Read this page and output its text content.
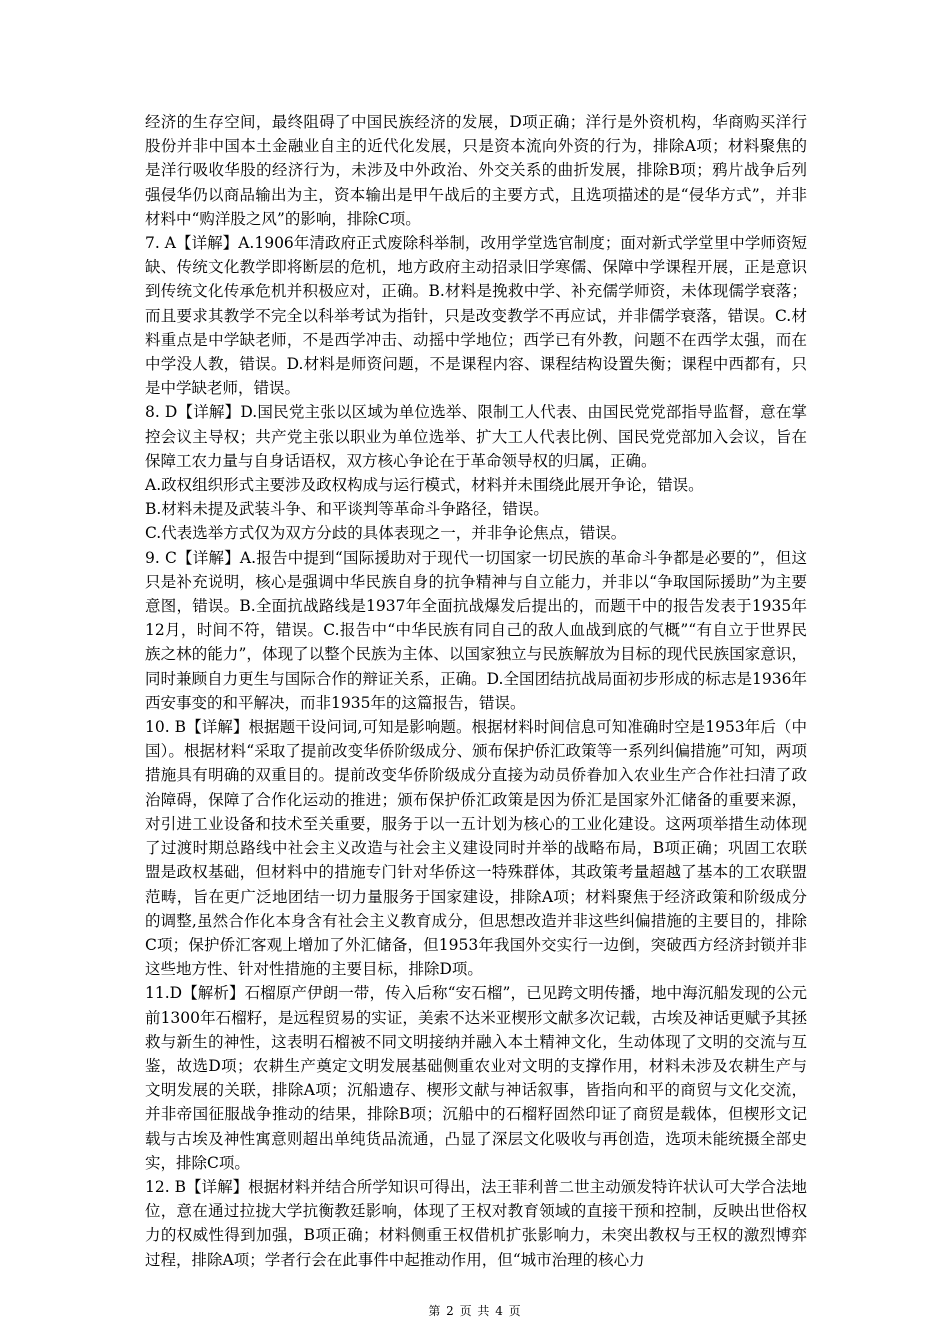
经济的生存空间，最终阻碍了中国民族经济的发展，D项正确；洋行是外资机构，华商购买洋行股份并非中国本土金融业自主的近代化发展，只是资本流向外资的行为，排除A项；材料聚焦的是洋行吸收华股的经济行为，未涉及中外政治、外交关系的曲折发展，排除B项；鸦片战争后列强侵华仍以商品输出为主，资本输出是甲午战后的主要方式，且选项描述的是“侵华方式”，并非材料中“购洋股之风”的影响，排除C项。

7. A【详解】A.1906年清政府正式废除科举制，改用学堂选官制度；面对新式学堂里中学师资短缺、传统文化教学即将断层的危机，地方政府主动招录旧学寒儒、保障中学课程开展，正是意识到传统文化传承危机并积极应对，正确。B.材料是挽救中学、补充儒学师资，未体现儒学衰落；而且要求其教学不完全以科举考试为指针，只是改变教学不再应试，并非儒学衰落，错误。C.材料重点是中学缺老师，不是西学冲击、动摇中学地位；西学已有外教，问题不在西学太强，而在中学没人教，错误。D.材料是师资问题，不是课程内容、课程结构设置失衡；课程中西都有，只是中学缺老师，错误。

8. D【详解】D.国民党主张以区域为单位选举、限制工人代表、由国民党党部指导监督，意在掌控会议主导权；共产党主张以职业为单位选举、扩大工人代表比例、国民党党部加入会议，旨在保障工农力量与自身话语权，双方核心争论在于革命领导权的归属，正确。

A.政权组织形式主要涉及政权构成与运行模式，材料并未围绕此展开争论，错误。

B.材料未提及武装斗争、和平谈判等革命斗争路径，错误。

C.代表选举方式仅为双方分歧的具体表现之一，并非争论焦点，错误。

9. C【详解】A.报告中提到“国际援助对于现代一切国家一切民族的革命斗争都是必要的”，但这只是补充说明，核心是强调中华民族自身的抗争精神与自立能力，并非以“争取国际援助”为主要意图，错误。B.全面抗战路线是1937年全面抗战爆发后提出的，而题干中的报告发表于1935年12月，时间不符，错误。C.报告中“中华民族有同自己的敌人血战到底的气概”“有自立于世界民族之林的能力”，体现了以整个民族为主体、以国家独立与民族解放为目标的现代民族国家意识，同时兼顾自力更生与国际合作的辩证关系，正确。D.全国团结抗战局面初步形成的标志是1936年西安事变的和平解决，而非1935年的这篇报告，错误。

10. B【详解】根据题干设问词,可知是影响题。根据材料时间信息可知准确时空是1953年后（中国）。根据材料“采取了提前改变华侨阶级成分、颁布保护侨汇政策等一系列纠偏措施”可知，两项措施具有明确的双重目的。提前改变华侨阶级成分直接为动员侨眷加入农业生产合作社扫清了政治障碍，保障了合作化运动的推进；颁布保护侨汇政策是因为侨汇是国家外汇储备的重要来源，对引进工业设备和技术至关重要，服务于以一五计划为核心的工业化建设。这两项举措生动体现了过渡时期总路线中社会主义改造与社会主义建设同时并举的战略布局，B项正确；巩固工农联盟是政权基础，但材料中的措施专门针对华侨这一特殊群体，其政策考量超越了基本的工农联盟范畴，旨在更广泛地团结一切力量服务于国家建设，排除A项；材料聚焦于经济政策和阶级成分的调整,虽然合作化本身含有社会主义教育成分，但思想改造并非这些纠偏措施的主要目的，排除C项；保护侨汇客观上增加了外汇储备，但1953年我国外交实行一边倒，突破西方经济封锁并非这些地方性、针对性措施的主要目标，排除D项。

11.D【解析】石榴原产伊朗一带，传入后称“安石榴”，已见跨文明传播，地中海沉船发现的公元前1300年石榴籽，是远程贸易的实证，美索不达米亚楔形文献多次记载，古埃及神话更赋予其拯救与新生的神性，这表明石榴被不同文明接纳并融入本土精神文化，生动体现了文明的交流与互鉴，故选D项；农耕生产奠定文明发展基础侧重农业对文明的支撑作用，材料未涉及农耕生产与文明发展的关联，排除A项；沉船遗存、楔形文献与神话叙事，皆指向和平的商贸与文化交流，并非帝国征服战争推动的结果，排除B项；沉船中的石榴籽固然印证了商贸是载体，但楔形文记载与古埃及神性寓意则超出单纯货品流通，凸显了深层文化吸收与再创造，选项未能统摄全部史实，排除C项。

12. B【详解】根据材料并结合所学知识可得出，法王菲利普二世主动颁发特许状认可大学合法地位，意在通过拉拢大学抗衡教廷影响，体现了王权对教育领域的直接干预和控制，反映出世俗权力的权威性得到加强，B项正确；材料侧重王权借机扩张影响力，未突出教权与王权的激烈博弈过程，排除A项；学者行会在此事件中起推动作用，但“城市治理的核心力

第 2 页 共 4 页
